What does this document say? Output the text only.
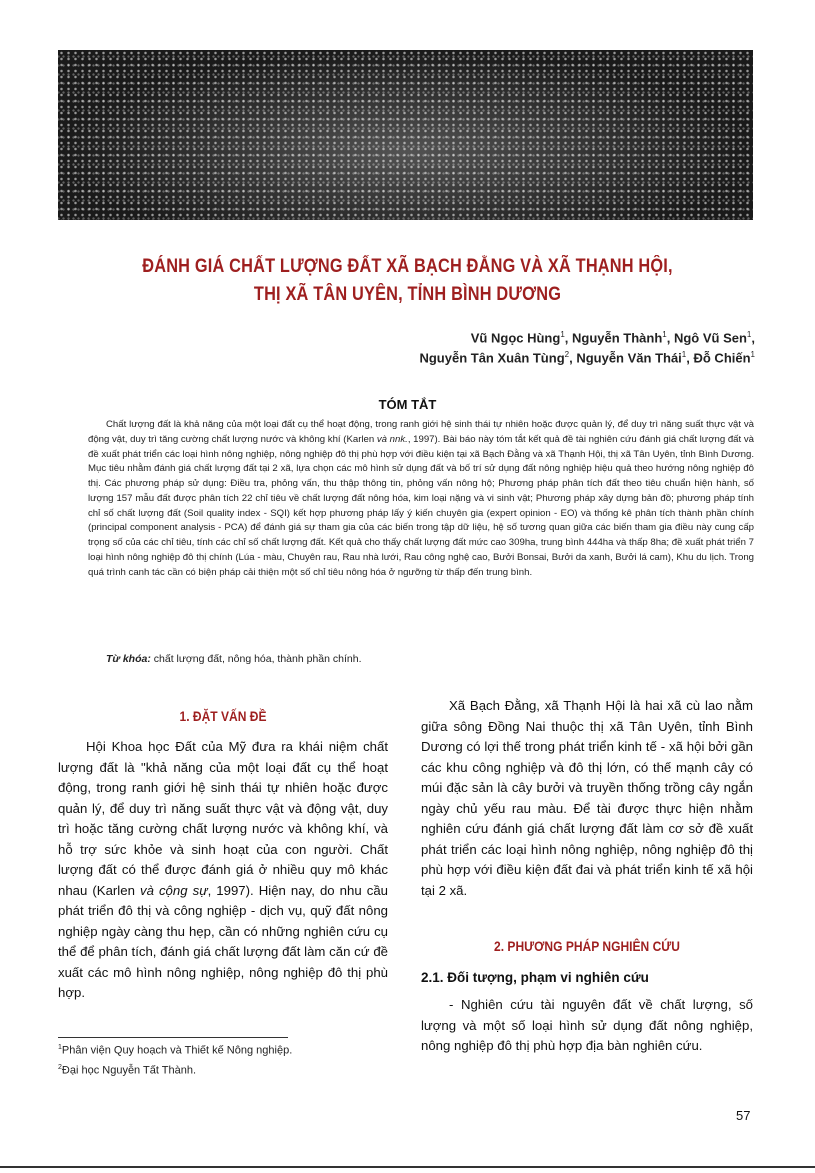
ĐÁNH GIÁ CHẤT LƯỢNG ĐẤT XÃ BẠCH ĐẰNG VÀ XÃ THẠNH HỘI,
THỊ XÃ TÂN UYÊN, TỈNH BÌNH DƯƠNG
Vũ Ngọc Hùng$^1$, Nguyễn Thành$^1$, Ngô Vũ Sen$^1$,
Nguyễn Tân Xuân Tùng$^2$, Nguyễn Văn Thái$^1$, Đỗ Chiến$^1$
TÓM TẮT

Chất lượng đất là khả năng của một loại đất cụ thể hoạt động, trong ranh giới hệ sinh thái tự nhiên hoặc được quản lý, để duy trì năng suất thực vật và động vật, duy trì tăng cường chất lượng nước và không khí (Karlen và nnk., 1997). Bài báo này tóm tắt kết quả đề tài nghiên cứu đánh giá chất lượng đất và đề xuất phát triển các loại hình nông nghiệp, nông nghiệp đô thị phù hợp với điều kiện tại xã Bạch Đằng và xã Thạnh Hội, thị xã Tân Uyên, tỉnh Bình Dương. Mục tiêu nhằm đánh giá chất lượng đất tại 2 xã, lựa chọn các mô hình sử dụng đất và bố trí sử dụng đất nông nghiệp hiệu quả theo hướng nông nghiệp đô thị. Các phương pháp sử dụng: Điều tra, phỏng vấn, thu thập thông tin, phỏng vấn nông hộ; Phương pháp phân tích đất theo tiêu chuẩn hiện hành, số lượng 157 mẫu đất được phân tích 22 chỉ tiêu về chất lượng đất nông hóa, kim loại nặng và vi sinh vật; Phương pháp xây dựng bản đồ; phương pháp tính chỉ số chất lượng đất (Soil quality index - SQI) kết hợp phương pháp lấy ý kiến chuyên gia (expert opinion - EO) và thống kê phân tích thành phần chính (principal component analysis - PCA) để đánh giá sự tham gia của các biến trong tập dữ liệu, hệ số tương quan giữa các biến tham gia điều này cung cấp trọng số của các chỉ tiêu, tính các chỉ số chất lượng đất. Kết quả cho thấy chất lượng đất mức cao 309ha, trung bình 444ha và thấp 8ha; đề xuất phát triển 7 loại hình nông nghiệp đô thị chính (Lúa - màu, Chuyên rau, Rau nhà lưới, Rau công nghệ cao, Bưởi Bonsai, Bưởi da xanh, Bưởi lá cam), Khu du lịch. Trong quá trình canh tác cần có biện pháp cải thiện một số chỉ tiêu nông hóa ở ngưỡng từ thấp đến trung bình.

Từ khóa: chất lượng đất, nông hóa, thành phần chính.
1. ĐẶT VẤN ĐỀ

Hội Khoa học Đất của Mỹ đưa ra khái niệm chất lượng đất là "khả năng của một loại đất cụ thể hoạt động, trong ranh giới hệ sinh thái tự nhiên hoặc được quản lý, để duy trì năng suất thực vật và động vật, duy trì hoặc tăng cường chất lượng nước và không khí, và hỗ trợ sức khỏe và sinh hoạt của con người. Chất lượng đất có thể được đánh giá ở nhiều quy mô khác nhau (Karlen và cộng sự, 1997). Hiện nay, do nhu cầu phát triển đô thị và công nghiệp - dịch vụ, quỹ đất nông nghiệp ngày càng thu hẹp, cần có những nghiên cứu cụ thể để phân tích, đánh giá chất lượng đất làm căn cứ đề xuất các mô hình nông nghiệp, nông nghiệp đô thị phù hợp.

$^1$Phân viện Quy hoạch và Thiết kế Nông nghiệp.
$^2$Đại học Nguyễn Tất Thành.

Xã Bạch Đằng, xã Thạnh Hội là hai xã cù lao nằm giữa sông Đồng Nai thuộc thị xã Tân Uyên, tỉnh Bình Dương có lợi thế trong phát triển kinh tế - xã hội bởi gần các khu công nghiệp và đô thị lớn, có thế mạnh cây có múi đặc sản là cây bưởi và truyền thống trồng cây ngắn ngày chủ yếu rau màu. Để tài được thực hiện nhằm nghiên cứu đánh giá chất lượng đất làm cơ sở đề xuất phát triển các loại hình nông nghiệp, nông nghiệp đô thị phù hợp với điều kiện đất đai và phát triển kinh tế xã hội tại 2 xã.

2. PHƯƠNG PHÁP NGHIÊN CỨU
2.1. Đối tượng, phạm vi nghiên cứu

- Nghiên cứu tài nguyên đất về chất lượng, số lượng và một số loại hình sử dụng đất nông nghiệp, nông nghiệp đô thị phù hợp địa bàn nghiên cứu.

57
